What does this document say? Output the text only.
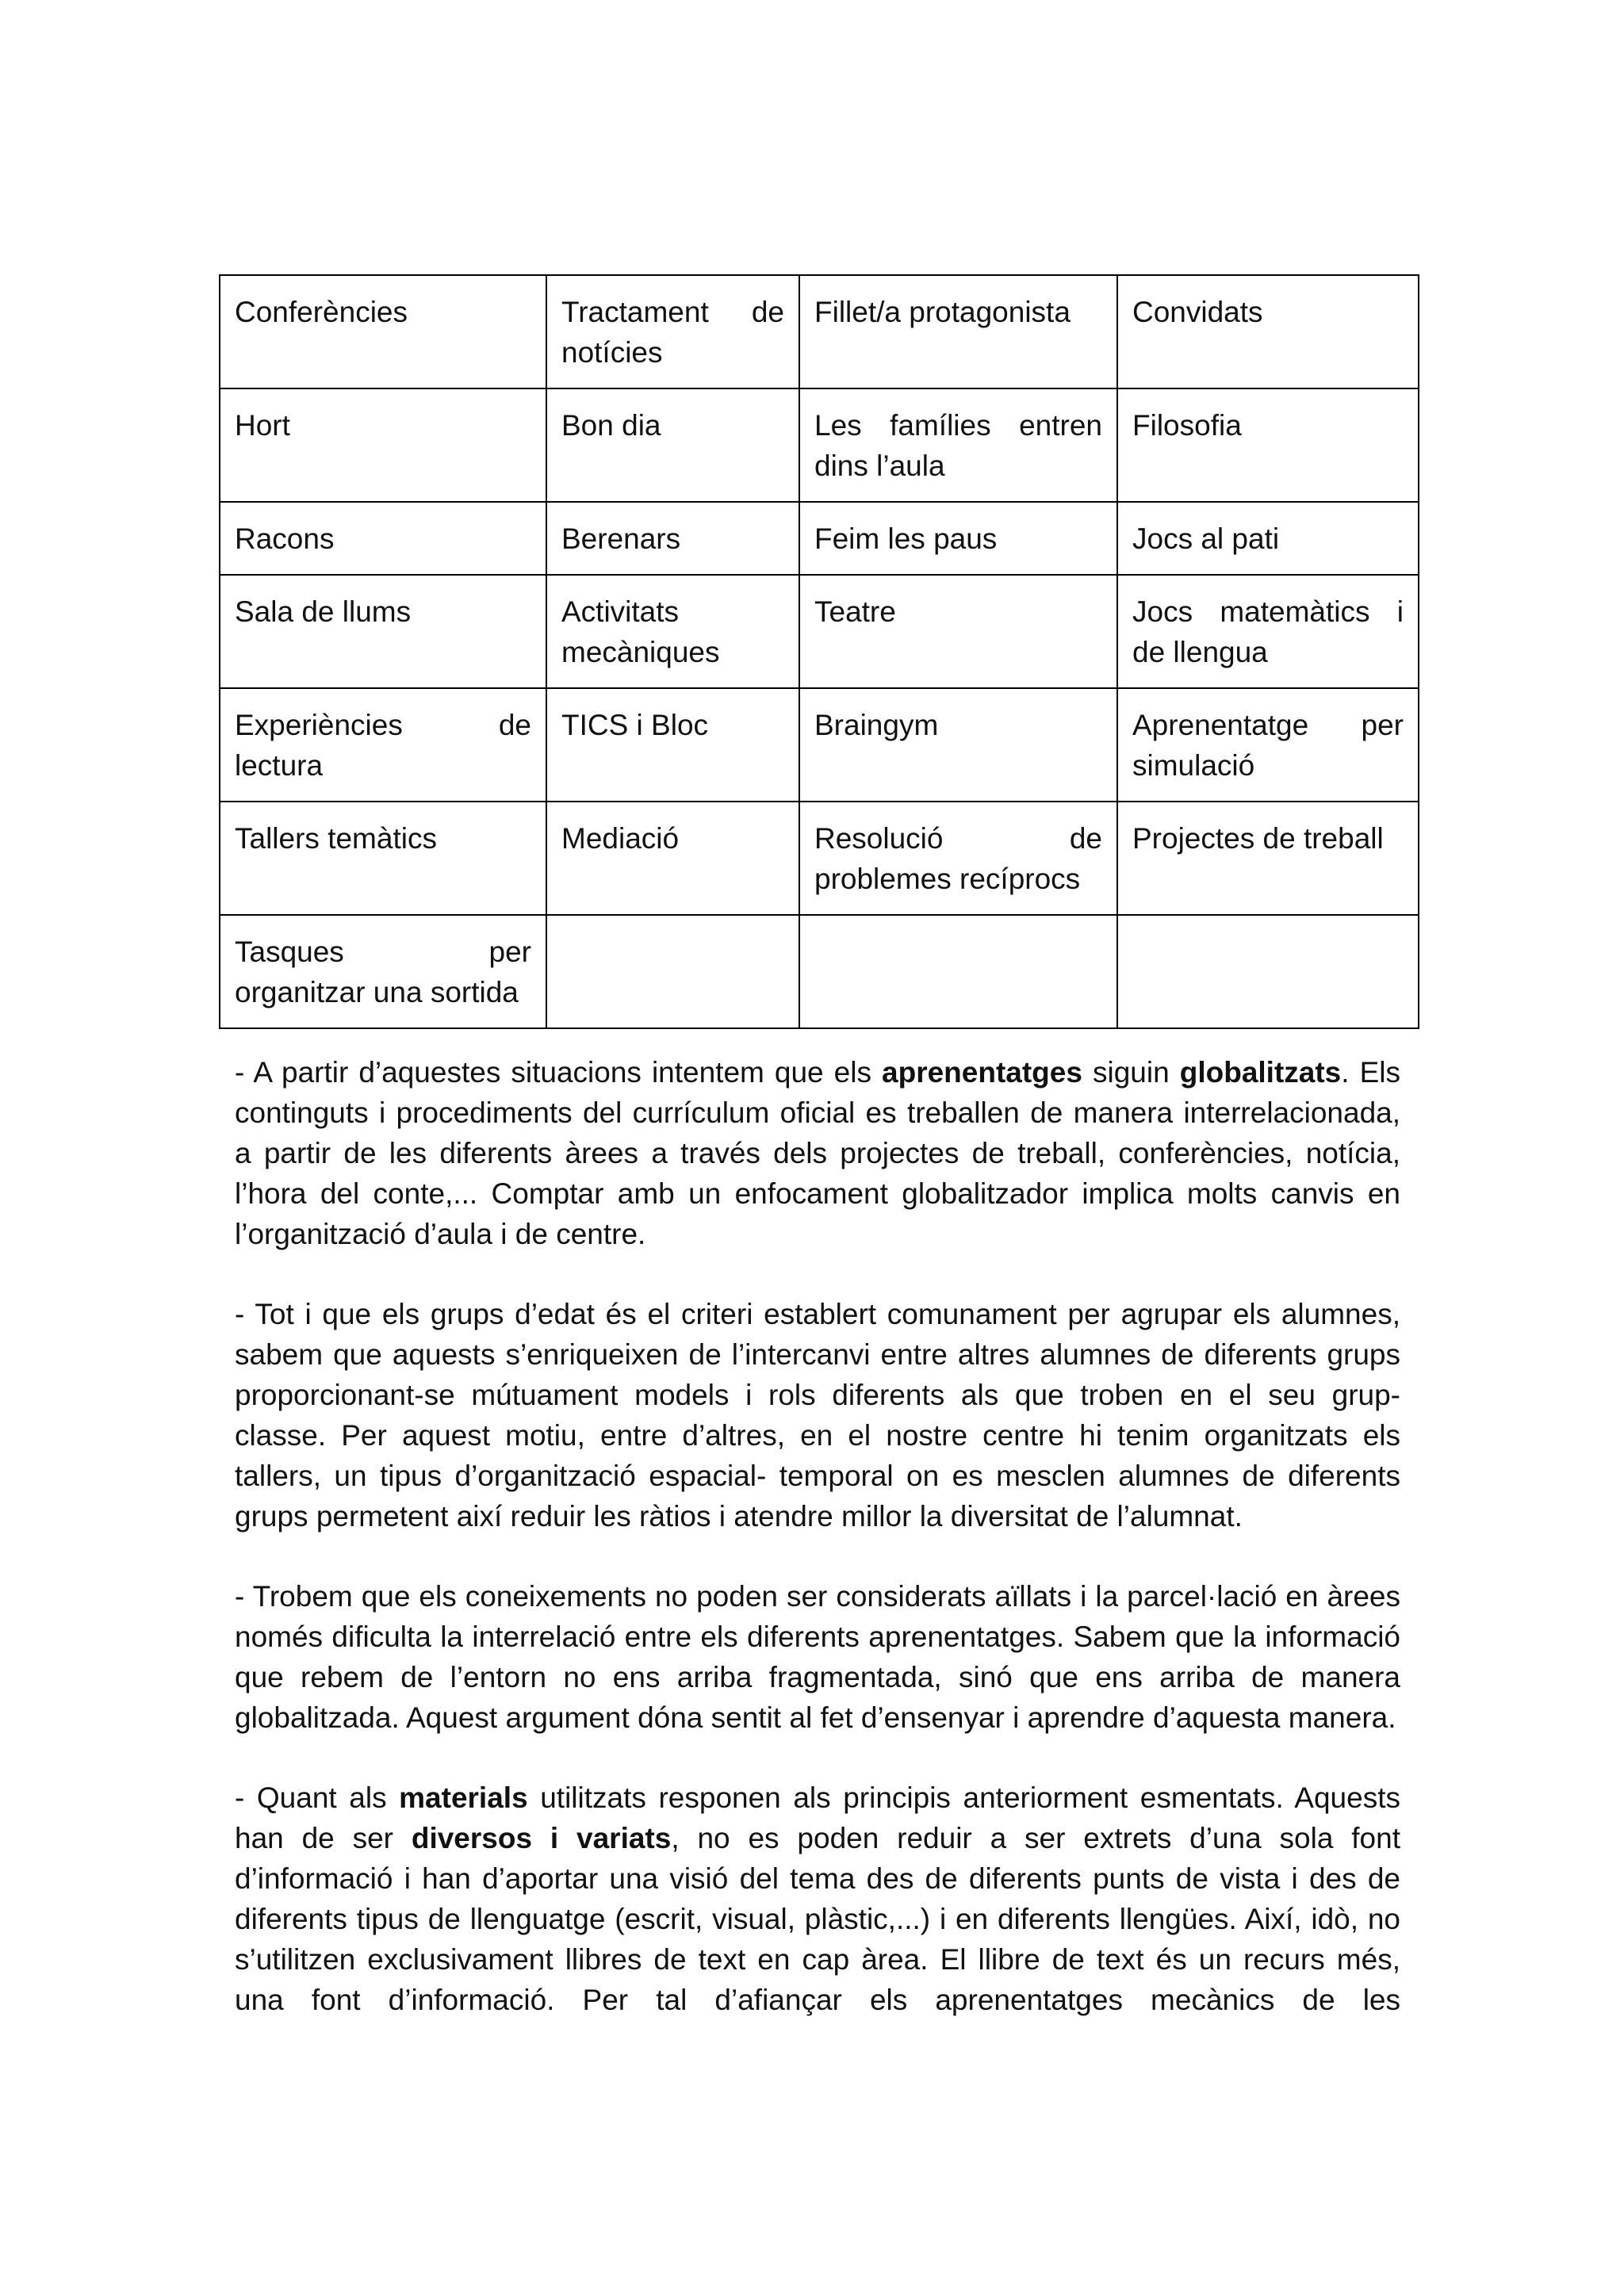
Conferències	Tractament de notícies	Fillet/a protagonista	Convidats
Hort	Bon dia	Les famílies entren dins l’aula	Filosofia
Racons	Berenars	Feim les paus	Jocs al pati
Sala de llums	Activitats mecàniques	Teatre	Jocs matemàtics i de llengua
Experiències de lectura	TICS i Bloc	Braingym	Aprenentatge per simulació
Tallers temàtics	Mediació	Resolució de problemes recíprocs	Projectes de treball
Tasques per organitzar una sortida			

- A partir d’aquestes situacions intentem que els aprenentatges siguin globalitzats. Els continguts i procediments del currículum oficial es treballen de manera interrelacionada, a partir de les diferents àrees a través dels projectes de treball, conferències, notícia, l’hora del conte,... Comptar amb un enfocament globalitzador implica molts canvis en l’organització d’aula i de centre.

- Tot i que els grups d’edat és el criteri establert comunament per agrupar els alumnes, sabem que aquests s’enriqueixen de l’intercanvi entre altres alumnes de diferents grups proporcionant-se mútuament models i rols diferents als que troben en el seu grup- classe. Per aquest motiu, entre d’altres, en el nostre centre hi tenim organitzats els tallers, un tipus d’organització espacial- temporal on es mesclen alumnes de diferents grups permetent així reduir les ràtios i atendre millor la diversitat de l’alumnat.

- Trobem que els coneixements no poden ser considerats aïllats i la parcel·lació en àrees només dificulta la interrelació entre els diferents aprenentatges. Sabem que la informació que rebem de l’entorn no ens arriba fragmentada, sinó que ens arriba de manera globalitzada. Aquest argument dóna sentit al fet d’ensenyar i aprendre d’aquesta manera.

- Quant als materials utilitzats responen als principis anteriorment esmentats. Aquests han de ser diversos i variats, no es poden reduir a ser extrets d’una sola font d’informació i han d’aportar una visió del tema des de diferents punts de vista i des de diferents tipus de llenguatge (escrit, visual, plàstic,...) i en diferents llengües. Així, idò, no s’utilitzen exclusivament llibres de text en cap àrea. El llibre de text és un recurs més, una font d’informació. Per tal d’afiançar els aprenentatges mecànics de les
